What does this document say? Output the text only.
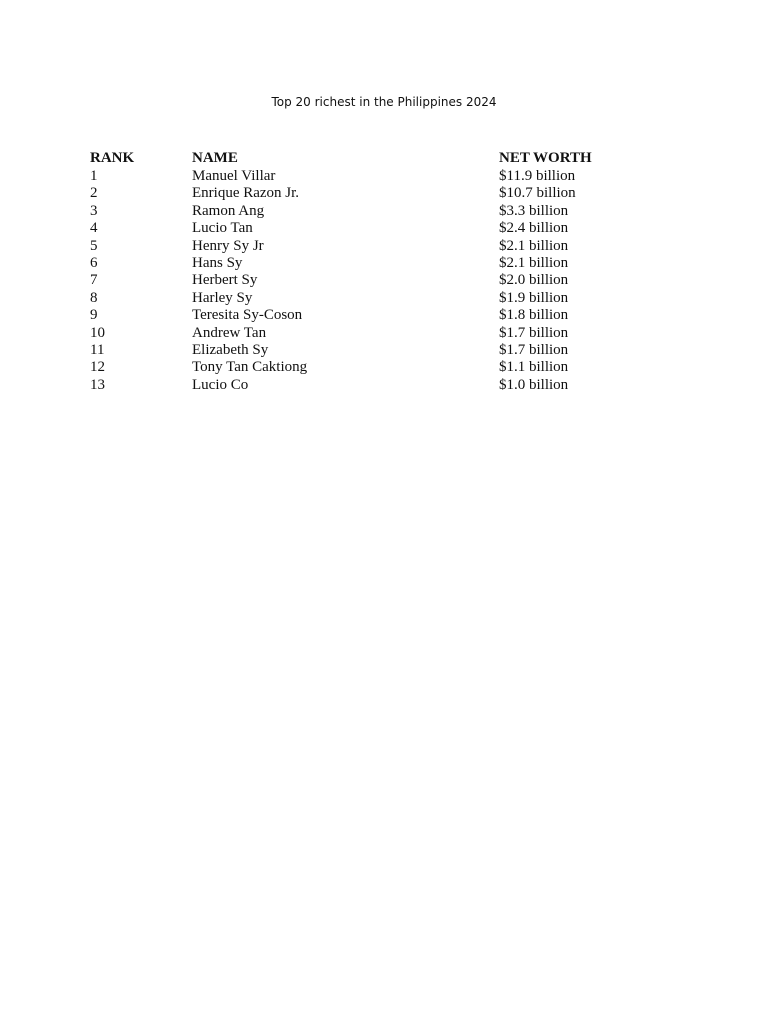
Top 20 richest in the Philippines 2024
RANK	NAME	NET WORTH
1	Manuel Villar	$11.9 billion
2	Enrique Razon Jr.	$10.7 billion
3	Ramon Ang	$3.3 billion
4	Lucio Tan	$2.4 billion
5	Henry Sy Jr	$2.1 billion
6	Hans Sy	$2.1 billion
7	Herbert Sy	$2.0 billion
8	Harley Sy	$1.9 billion
9	Teresita Sy-Coson	$1.8 billion
10	Andrew Tan	$1.7 billion
11	Elizabeth Sy	$1.7 billion
12	Tony Tan Caktiong	$1.1 billion
13	Lucio Co	$1.0 billion
